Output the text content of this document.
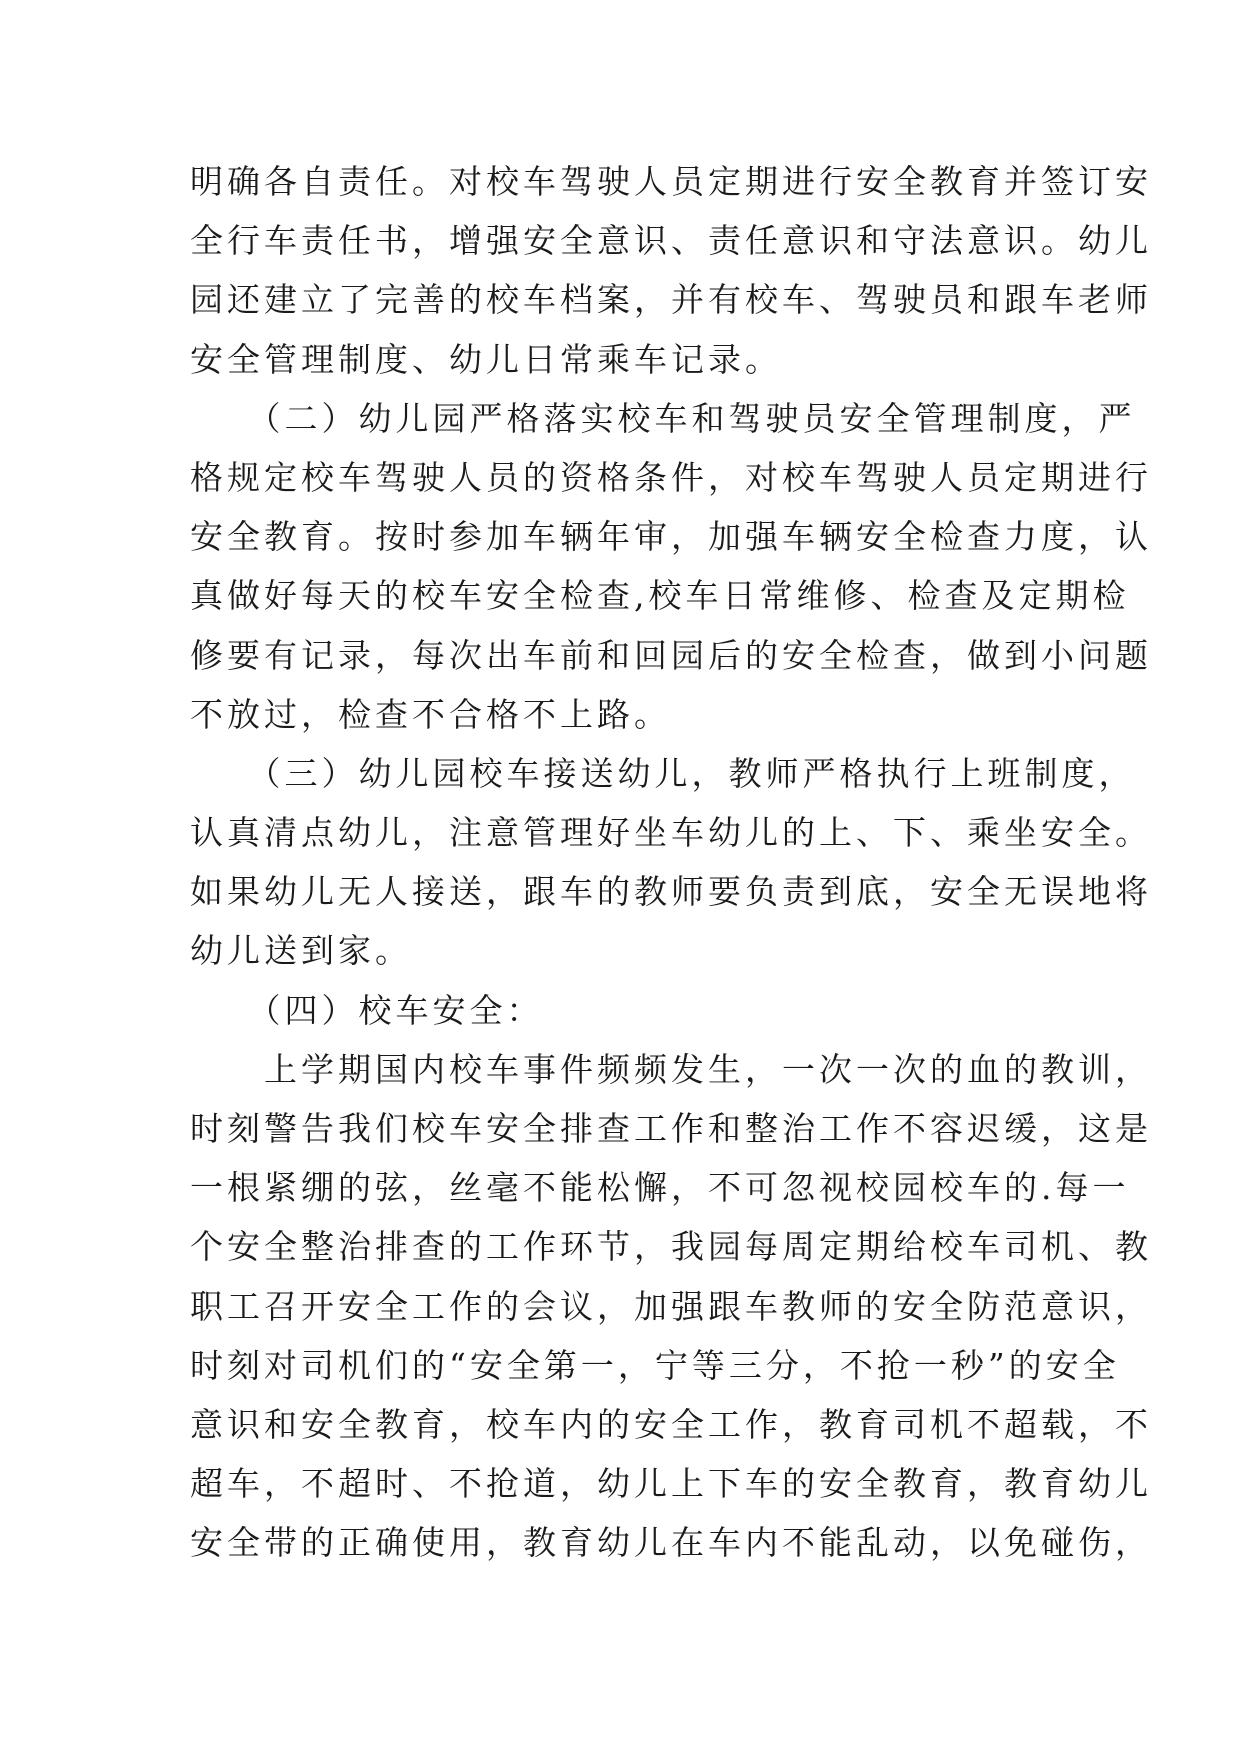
明确各自责任。对校车驾驶人员定期进行安全教育并签订安
全行车责任书，增强安全意识、责任意识和守法意识。幼儿
园还建立了完善的校车档案，并有校车、驾驶员和跟车老师
安全管理制度、幼儿日常乘车记录。
　　（二）幼儿园严格落实校车和驾驶员安全管理制度，严
格规定校车驾驶人员的资格条件，对校车驾驶人员定期进行
安全教育。按时参加车辆年审，加强车辆安全检查力度，认
真做好每天的校车安全检查,校车日常维修、检查及定期检
修要有记录，每次出车前和回园后的安全检查，做到小问题
不放过，检查不合格不上路。
　　（三）幼儿园校车接送幼儿，教师严格执行上班制度，
认真清点幼儿，注意管理好坐车幼儿的上、下、乘坐安全。
如果幼儿无人接送，跟车的教师要负责到底，安全无误地将
幼儿送到家。
　　（四）校车安全：
　　上学期国内校车事件频频发生，一次一次的血的教训，
时刻警告我们校车安全排查工作和整治工作不容迟缓，这是
一根紧绷的弦，丝毫不能松懈，不可忽视校园校车的.每一
个安全整治排查的工作环节，我园每周定期给校车司机、教
职工召开安全工作的会议，加强跟车教师的安全防范意识，
时刻对司机们的“安全第一，宁等三分，不抢一秒”的安全
意识和安全教育，校车内的安全工作，教育司机不超载，不
超车，不超时、不抢道，幼儿上下车的安全教育，教育幼儿
安全带的正确使用，教育幼儿在车内不能乱动，以免碰伤，
